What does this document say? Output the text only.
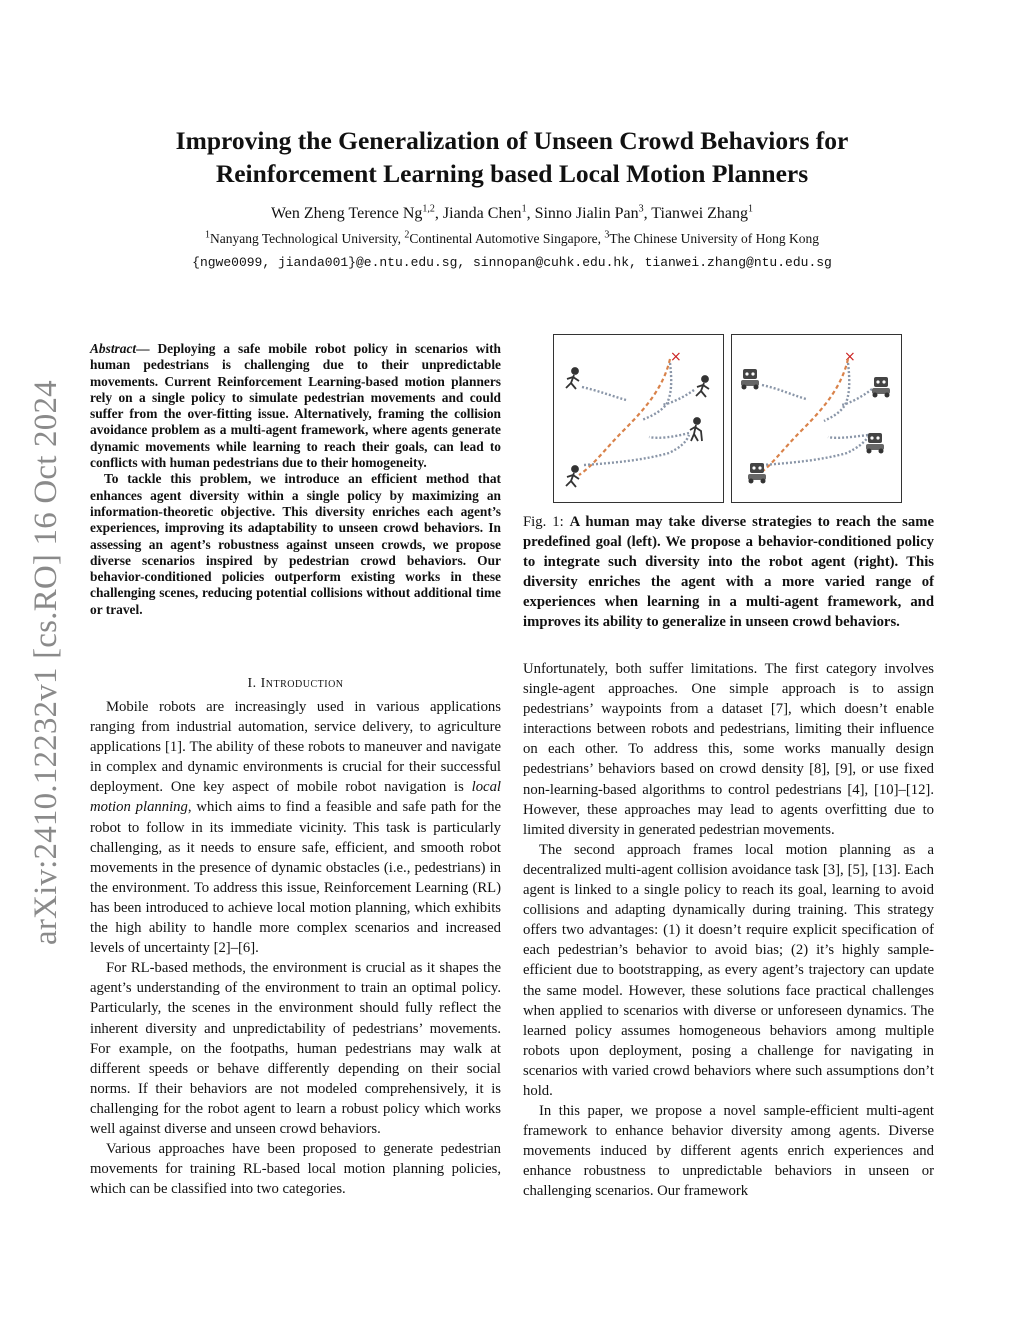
Improving the Generalization of Unseen Crowd Behaviors for
Reinforcement Learning based Local Motion Planners
Wen Zheng Terence Ng$^{1,2}$, Jianda Chen$^1$, Sinno Jialin Pan$^3$, Tianwei Zhang$^1$
$^1$Nanyang Technological University, $^2$Continental Automotive Singapore, $^3$The Chinese University of Hong Kong
{ngwe0099, jianda001}@e.ntu.edu.sg, sinnopan@cuhk.edu.hk, tianwei.zhang@ntu.edu.sg
arXiv:2410.12232v1 [cs.RO] 16 Oct 2024

Abstract— Deploying a safe mobile robot policy in scenarios with human pedestrians is challenging due to their unpredictable movements. Current Reinforcement Learning-based motion planners rely on a single policy to simulate pedestrian movements and could suffer from the over-fitting issue. Alternatively, framing the collision avoidance problem as a multi-agent framework, where agents generate dynamic movements while learning to reach their goals, can lead to conflicts with human pedestrians due to their homogeneity.

To tackle this problem, we introduce an efficient method that enhances agent diversity within a single policy by maximizing an information-theoretic objective. This diversity enriches each agent’s experiences, improving its adaptability to unseen crowd behaviors. In assessing an agent’s robustness against unseen crowds, we propose diverse scenarios inspired by pedestrian crowd behaviors. Our behavior-conditioned policies outperform existing works in these challenging scenes, reducing potential collisions without additional time or travel.

I. Introduction

Mobile robots are increasingly used in various applications ranging from industrial automation, service delivery, to agriculture applications [1]. The ability of these robots to maneuver and navigate in complex and dynamic environments is crucial for their successful deployment. One key aspect of mobile robot navigation is local motion planning, which aims to find a feasible and safe path for the robot to follow in its immediate vicinity. This task is particularly challenging, as it needs to ensure safe, efficient, and smooth robot movements in the presence of dynamic obstacles (i.e., pedestrians) in the environment. To address this issue, Reinforcement Learning (RL) has been introduced to achieve local motion planning, which exhibits the high ability to handle more complex scenarios and increased levels of uncertainty [2]–[6].

For RL-based methods, the environment is crucial as it shapes the agent’s understanding of the environment to train an optimal policy. Particularly, the scenes in the environment should fully reflect the inherent diversity and unpredictability of pedestrians’ movements. For example, on the footpaths, human pedestrians may walk at different speeds or behave differently depending on their social norms. If their behaviors are not modeled comprehensively, it is challenging for the robot agent to learn a robust policy which works well against diverse and unseen crowd behaviors.

Various approaches have been proposed to generate pedestrian movements for training RL-based local motion planning policies, which can be classified into two categories.

×	×
Fig. 1: A human may take diverse strategies to reach the same predefined goal (left). We propose a behavior-conditioned policy to integrate such diversity into the robot agent (right). This diversity enriches the agent with a more varied range of experiences when learning in a multi-agent framework, and improves its ability to generalize in unseen crowd behaviors.

Unfortunately, both suffer limitations. The first category involves single-agent approaches. One simple approach is to assign pedestrians’ waypoints from a dataset [7], which doesn’t enable interactions between robots and pedestrians, limiting their influence on each other. To address this, some works manually design pedestrians’ behaviors based on crowd density [8], [9], or use fixed non-learning-based algorithms to control pedestrians [4], [10]–[12]. However, these approaches may lead to agents overfitting due to limited diversity in generated pedestrian movements.

The second approach frames local motion planning as a decentralized multi-agent collision avoidance task [3], [5], [13]. Each agent is linked to a single policy to reach its goal, learning to avoid collisions and adapting dynamically during training. This strategy offers two advantages: (1) it doesn’t require explicit specification of each pedestrian’s behavior to avoid bias; (2) it’s highly sample-efficient due to bootstrapping, as every agent’s trajectory can update the same model. However, these solutions face practical challenges when applied to scenarios with diverse or unforeseen dynamics. The learned policy assumes homogeneous behaviors among multiple robots upon deployment, posing a challenge for navigating in scenarios with varied crowd behaviors where such assumptions don’t hold.

In this paper, we propose a novel sample-efficient multi-agent framework to enhance behavior diversity among agents. Diverse movements induced by different agents enrich experiences and enhance robustness to unpredictable behaviors in unseen or challenging scenarios. Our framework
